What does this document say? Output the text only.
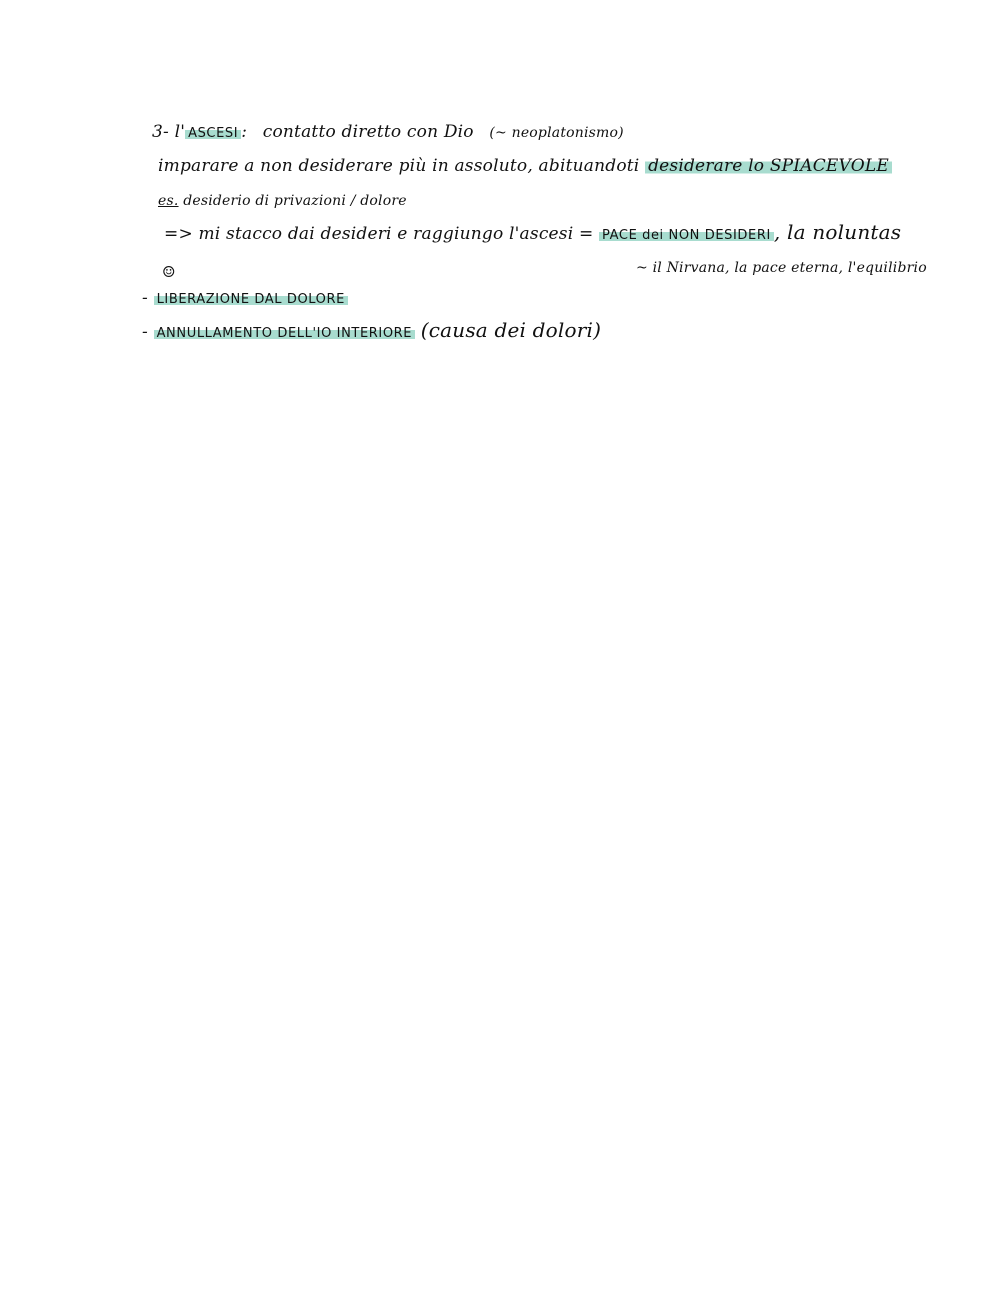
3- l' ASCESI : contatto diretto con Dio (~ neoplatonismo)
imparare a non desiderare più in assoluto, abituandoti desiderare lo SPIACEVOLE
es. desiderio di privazioni / dolore
=> mi stacco dai desideri e raggiungo l'ascesi = PACE dei NON DESIDERI , la noluntas
☺	~ il Nirvana, la pace eterna, l'equilibrio
- LIBERAZIONE DAL DOLORE
- ANNULLAMENTO DELL'IO INTERIORE (causa dei dolori)
